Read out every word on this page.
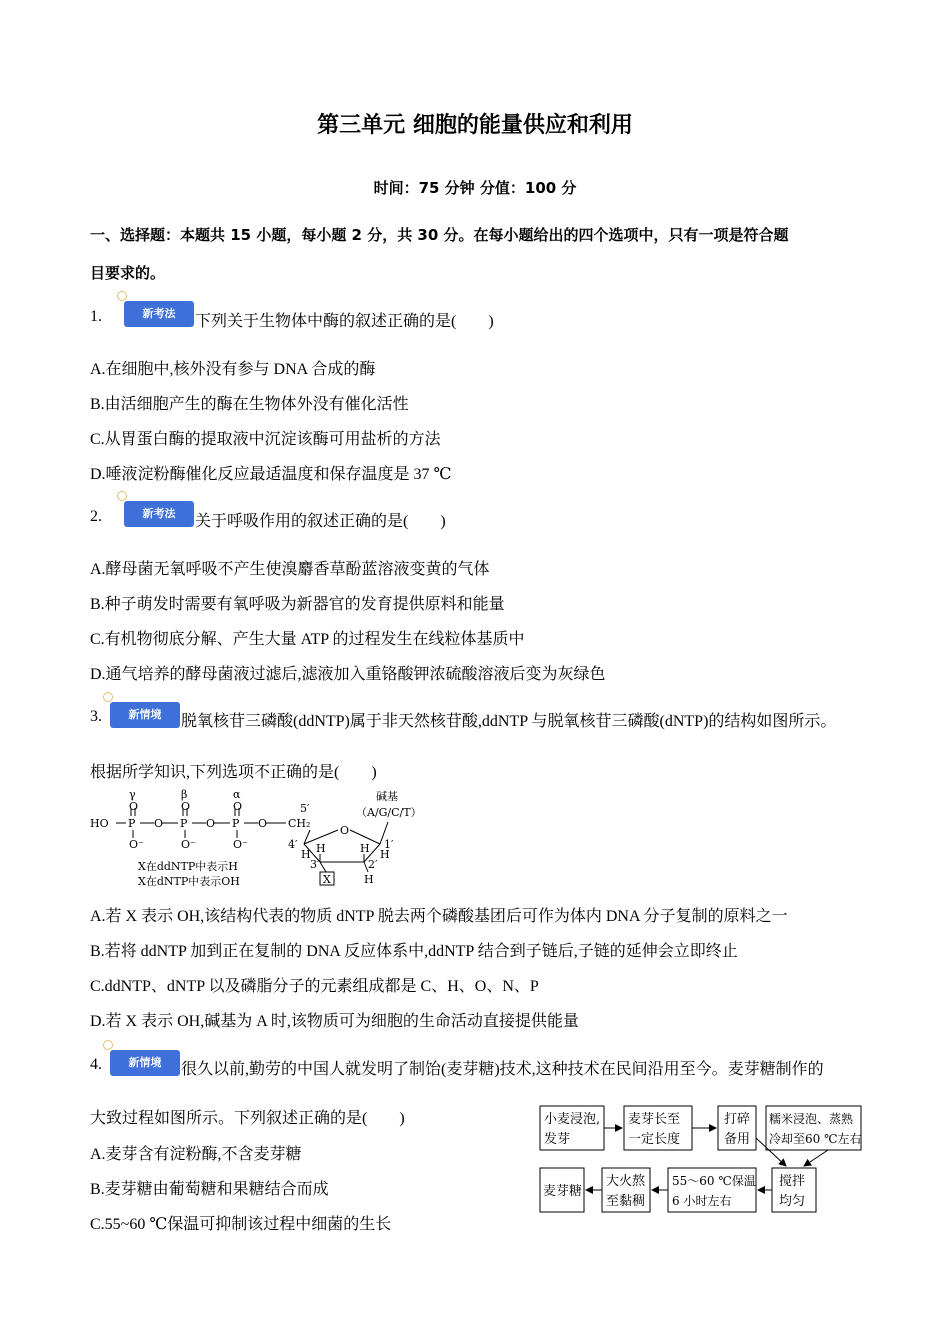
第三单元 细胞的能量供应和利用
时间：75 分钟 分值：100 分
一、选择题：本题共 15 小题，每小题 2 分，共 30 分。在每小题给出的四个选项中，只有一项是符合题
目要求的。
1.	新考法	下列关于生物体中酶的叙述正确的是(　　)
A.在细胞中,核外没有参与 DNA 合成的酶
B.由活细胞产生的酶在生物体外没有催化活性
C.从胃蛋白酶的提取液中沉淀该酶可用盐析的方法
D.唾液淀粉酶催化反应最适温度和保存温度是 37 ℃
2.	新考法	关于呼吸作用的叙述正确的是(　　)
A.酵母菌无氧呼吸不产生使溴麝香草酚蓝溶液变黄的气体
B.种子萌发时需要有氧呼吸为新器官的发育提供原料和能量
C.有机物彻底分解、产生大量 ATP 的过程发生在线粒体基质中
D.通气培养的酵母菌液过滤后,滤液加入重铬酸钾浓硫酸溶液后变为灰绿色
3.	新情境	脱氧核苷三磷酸(ddNTP)属于非天然核苷酸,ddNTP 与脱氧核苷三磷酸(dNTP)的结构如图所示。
根据所学知识,下列选项不正确的是(　　)
γ	β	α
O	O	O
HO P O P O P O CH₂
O⁻	O⁻	O⁻
5′
O
4′	1′
H H	H H
3′	2′
X	H
碱基
（A/G/C/T）
X在ddNTP中表示H
X在dNTP中表示OH
A.若 X 表示 OH,该结构代表的物质 dNTP 脱去两个磷酸基团后可作为体内 DNA 分子复制的原料之一
B.若将 ddNTP 加到正在复制的 DNA 反应体系中,ddNTP 结合到子链后,子链的延伸会立即终止
C.ddNTP、dNTP 以及磷脂分子的元素组成都是 C、H、O、N、P
D.若 X 表示 OH,碱基为 A 时,该物质可为细胞的生命活动直接提供能量
4.	新情境	很久以前,勤劳的中国人就发明了制饴(麦芽糖)技术,这种技术在民间沿用至今。麦芽糖制作的
大致过程如图所示。下列叙述正确的是(　　)	小麦浸泡,
发芽
麦芽长至
一定长度
打碎
备用
糯米浸泡、蒸熟
冷却至60 ℃左右
搅拌
均匀
55～60 ℃保温
6 小时左右
大火熬
至黏稠
麦芽糖
A.麦芽含有淀粉酶,不含麦芽糖
B.麦芽糖由葡萄糖和果糖结合而成
C.55~60 ℃保温可抑制该过程中细菌的生长
